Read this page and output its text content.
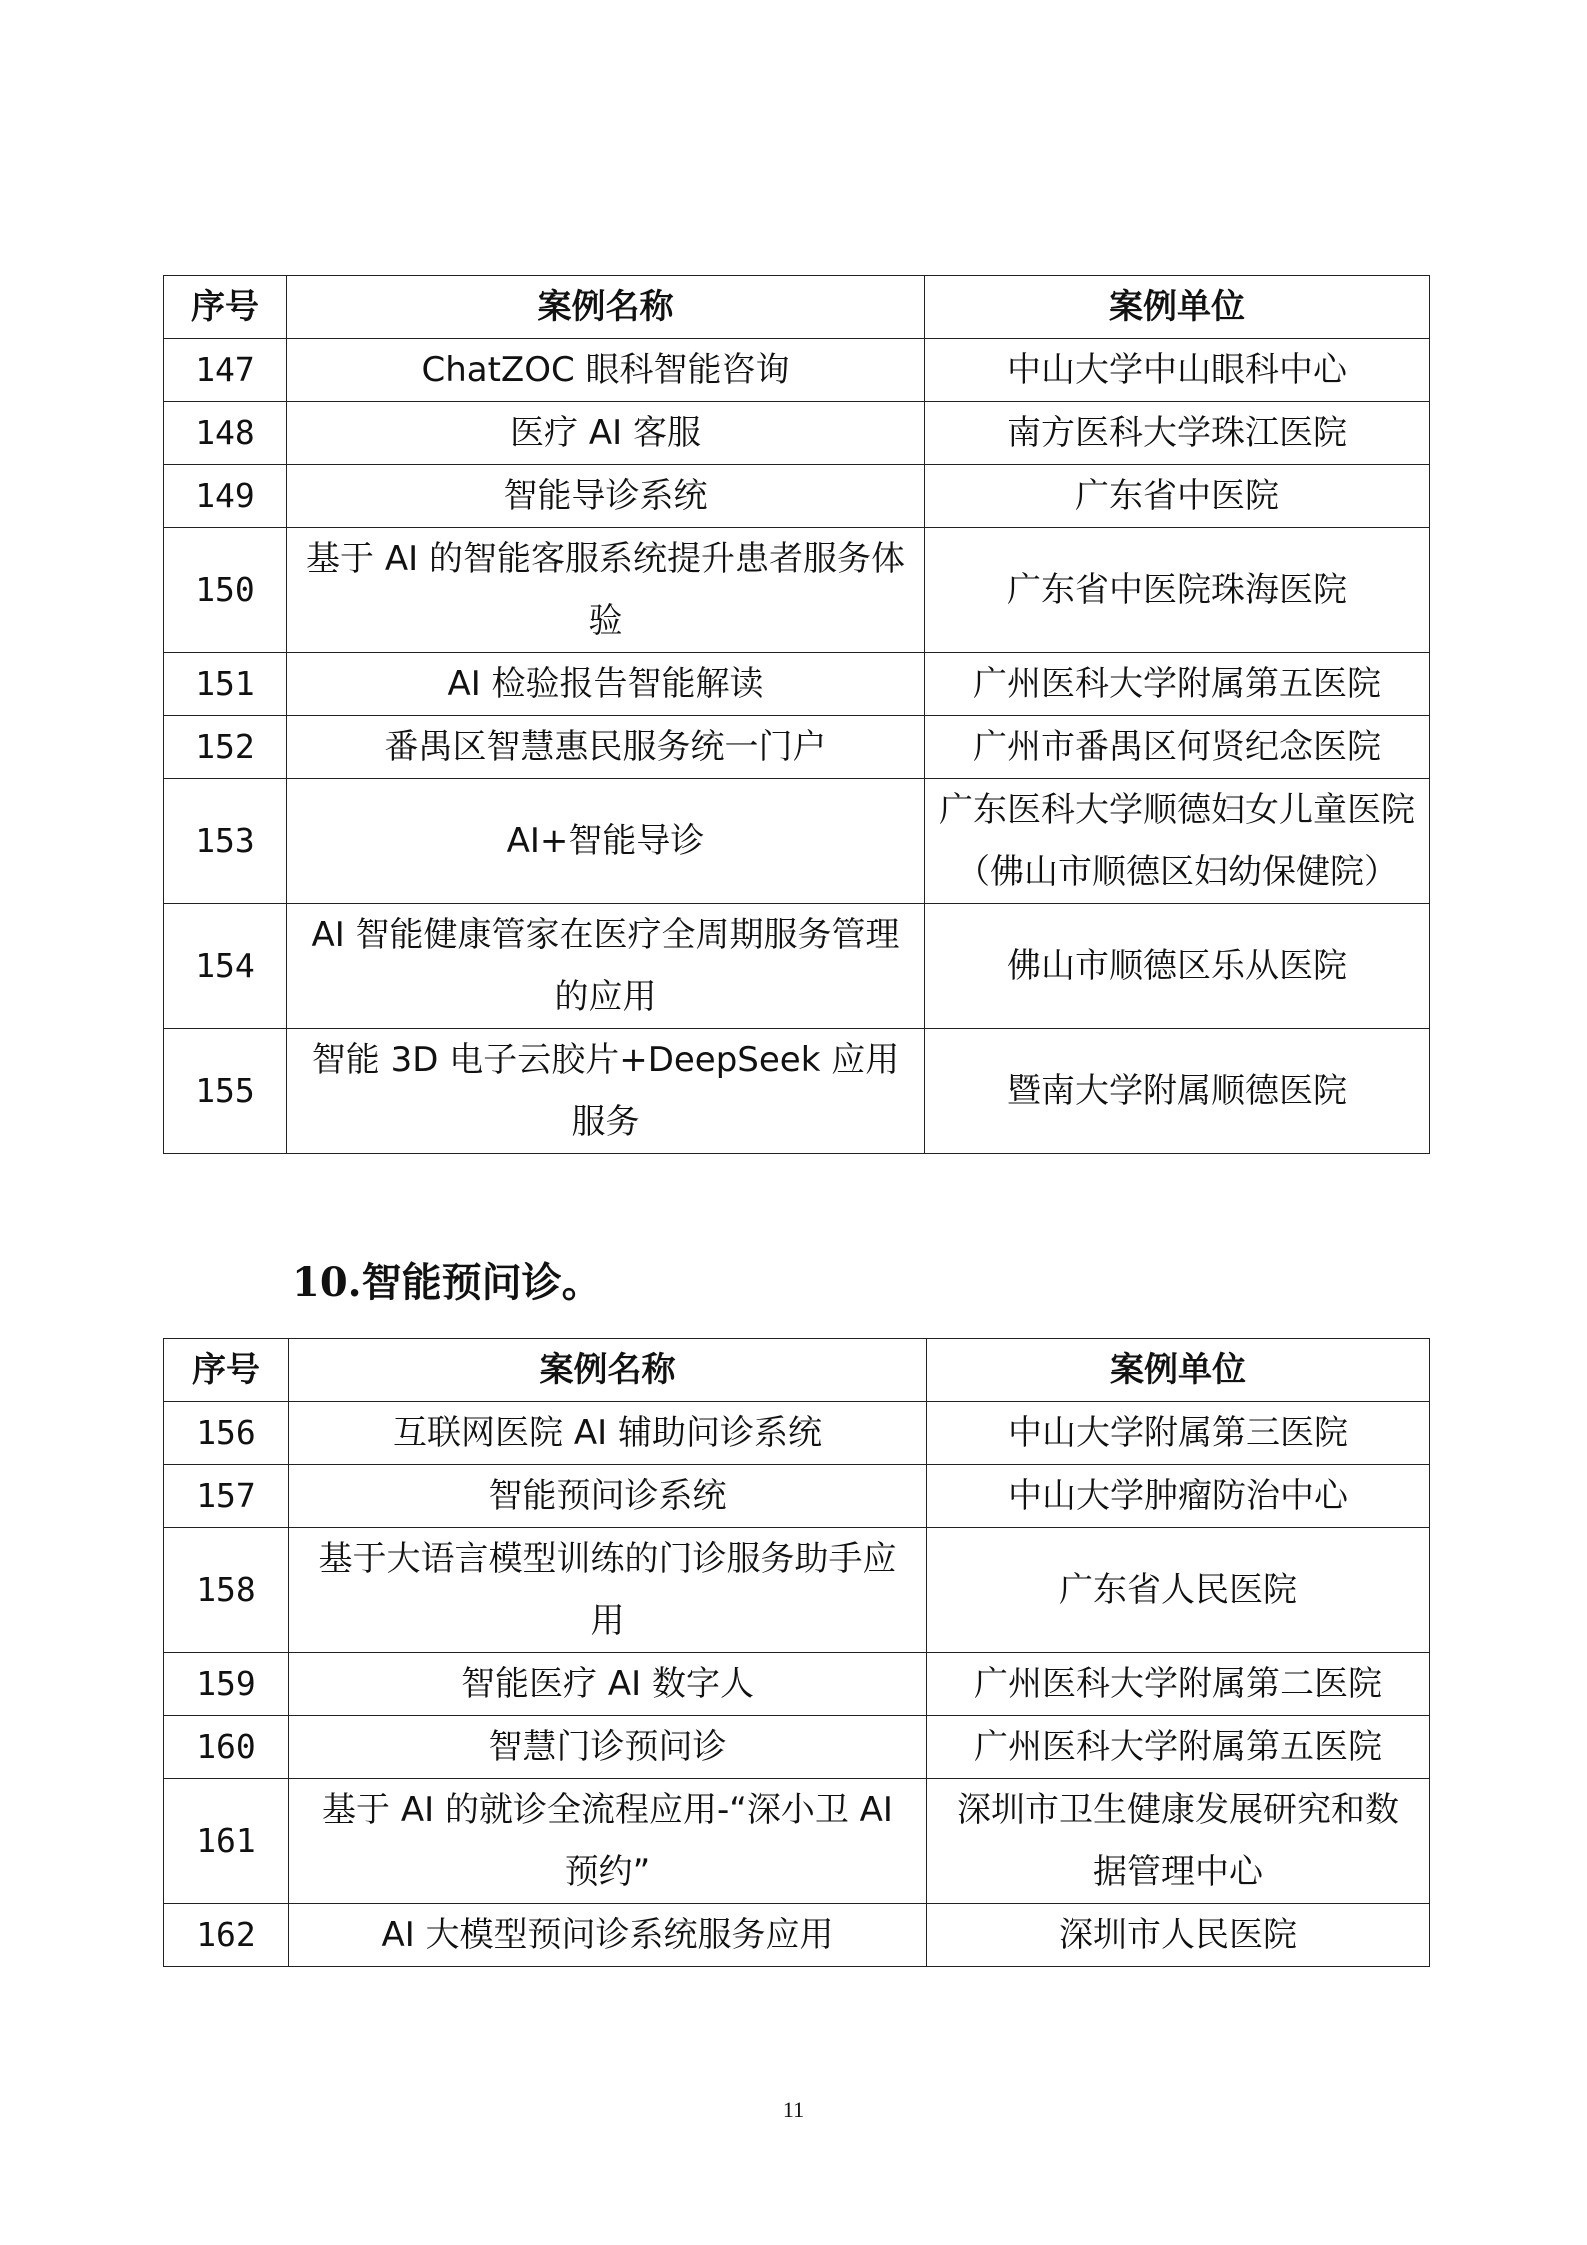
序号	案例名称	案例单位
147	ChatZOC 眼科智能咨询	中山大学中山眼科中心
148	医疗 AI 客服	南方医科大学珠江医院
149	智能导诊系统	广东省中医院
150	基于 AI 的智能客服系统提升患者服务体验	广东省中医院珠海医院
151	AI 检验报告智能解读	广州医科大学附属第五医院
152	番禺区智慧惠民服务统一门户	广州市番禺区何贤纪念医院
153	AI+智能导诊	广东医科大学顺德妇女儿童医院（佛山市顺德区妇幼保健院）
154	AI 智能健康管家在医疗全周期服务管理的应用	佛山市顺德区乐从医院
155	智能 3D 电子云胶片+DeepSeek 应用服务	暨南大学附属顺德医院
10.智能预问诊。
序号	案例名称	案例单位
156	互联网医院 AI 辅助问诊系统	中山大学附属第三医院
157	智能预问诊系统	中山大学肿瘤防治中心
158	基于大语言模型训练的门诊服务助手应用	广东省人民医院
159	智能医疗 AI 数字人	广州医科大学附属第二医院
160	智慧门诊预问诊	广州医科大学附属第五医院
161	基于 AI 的就诊全流程应用-“深小卫 AI 预约”	深圳市卫生健康发展研究和数据管理中心
162	AI 大模型预问诊系统服务应用	深圳市人民医院
11
